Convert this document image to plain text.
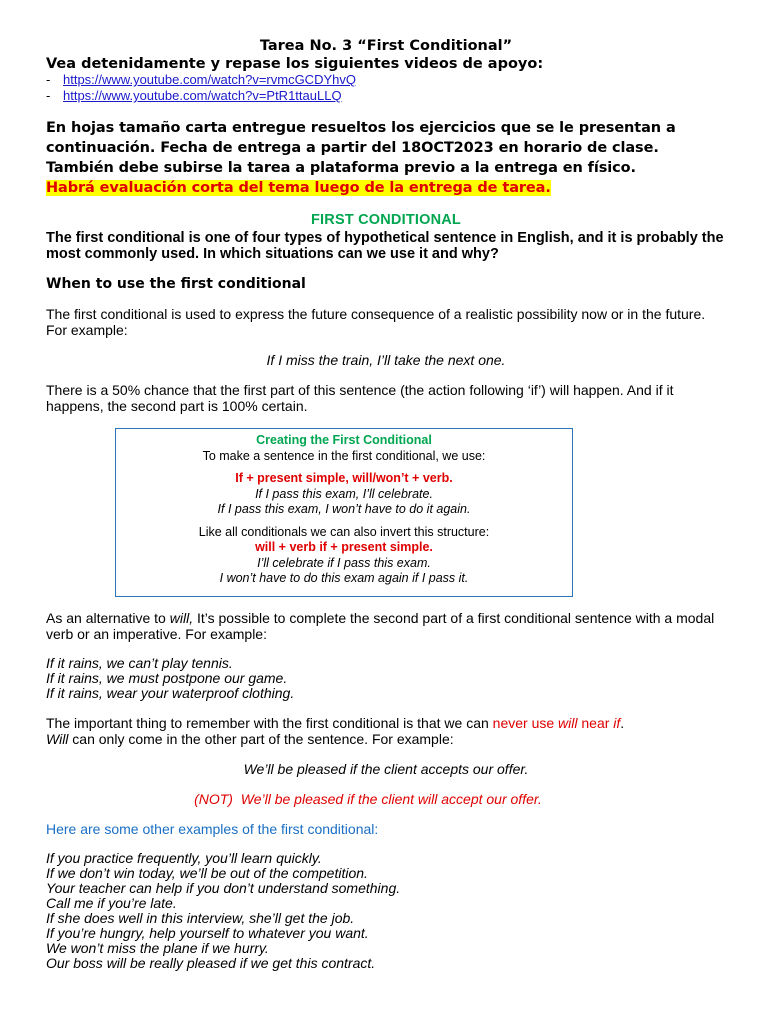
Tarea No. 3 “First Conditional”
Vea detenidamente y repase los siguientes videos de apoyo:
- https://www.youtube.com/watch?v=rvmcGCDYhvQ
- https://www.youtube.com/watch?v=PtR1ttauLLQ
En hojas tamaño carta entregue resueltos los ejercicios que se le presentan a continuación. Fecha de entrega a partir del 18OCT2023 en horario de clase. También debe subirse la tarea a plataforma previo a la entrega en físico.            Habrá evaluación corta del tema luego de la entrega de tarea.
FIRST CONDITIONAL
The first conditional is one of four types of hypothetical sentence in English, and it is probably the most commonly used. In which situations can we use it and why?
When to use the first conditional

The first conditional is used to express the future consequence of a realistic possibility now or in the future. For example:

If I miss the train, I’ll take the next one.

There is a 50% chance that the first part of this sentence (the action following ‘if’) will happen. And if it happens, the second part is 100% certain.

Creating the First Conditional
To make a sentence in the first conditional, we use:
If + present simple, will/won’t + verb.
If I pass this exam, I’ll celebrate.
If I pass this exam, I won’t have to do it again.
Like all conditionals we can also invert this structure:
will + verb if + present simple.
I’ll celebrate if I pass this exam.
I won’t have to do this exam again if I pass it.

As an alternative to will, It’s possible to complete the second part of a first conditional sentence with a modal verb or an imperative. For example:

If it rains, we can’t play tennis.

If it rains, we must postpone our game.

If it rains, wear your waterproof clothing.

The important thing to remember with the first conditional is that we can never use will near if.
Will can only come in the other part of the sentence. For example:

We’ll be pleased if the client accepts our offer.

(NOT) We’ll be pleased if the client will accept our offer.

Here are some other examples of the first conditional:

If you practice frequently, you’ll learn quickly.

If we don’t win today, we’ll be out of the competition.

Your teacher can help if you don’t understand something.

Call me if you’re late.

If she does well in this interview, she’ll get the job.

If you’re hungry, help yourself to whatever you want.

We won’t miss the plane if we hurry.

Our boss will be really pleased if we get this contract.
